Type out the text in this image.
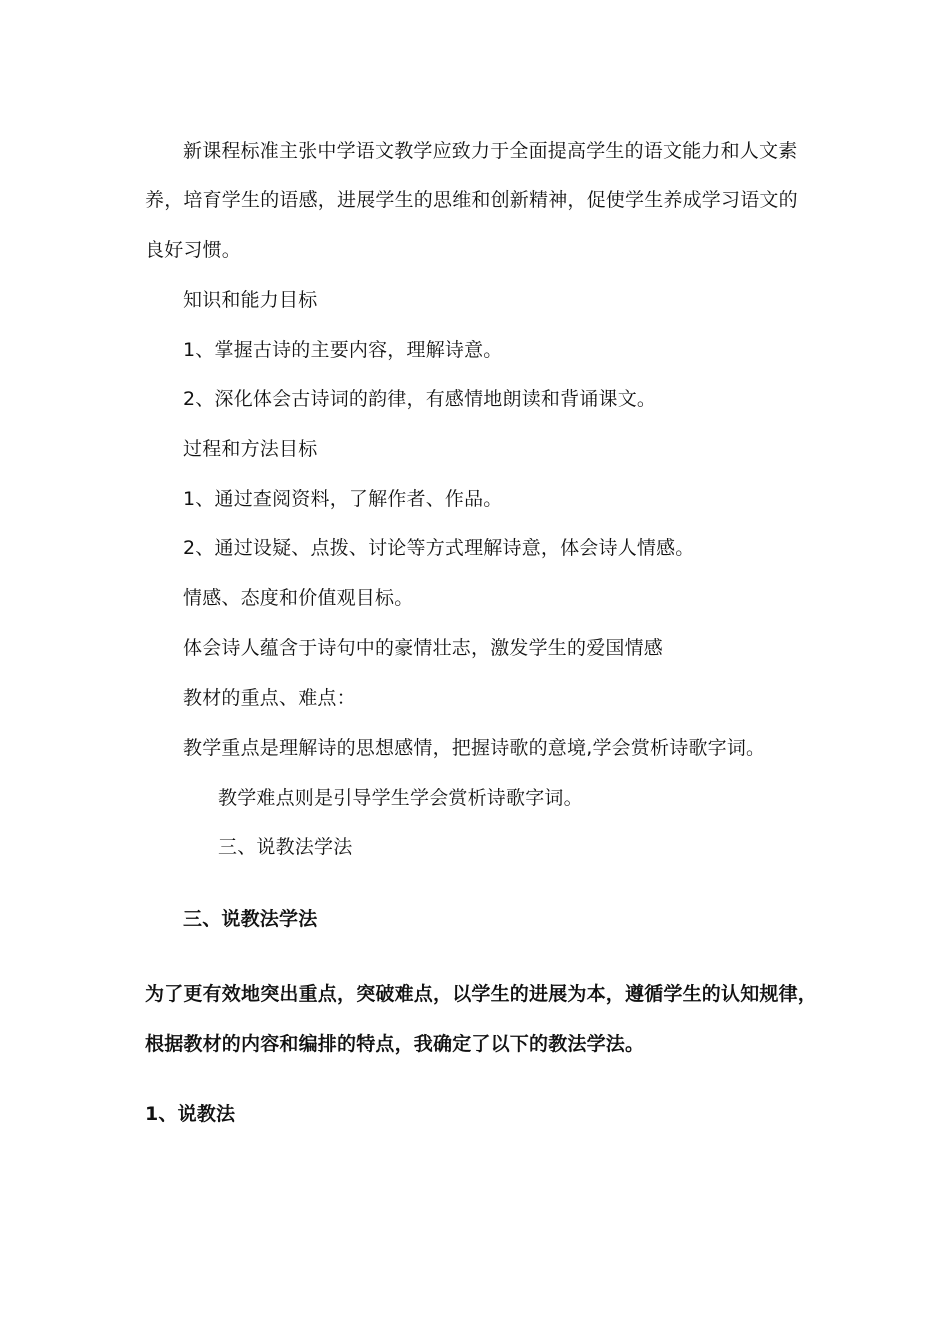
新课程标准主张中学语文教学应致力于全面提高学生的语文能力和人文素
养，培育学生的语感，进展学生的思维和创新精神，促使学生养成学习语文的
良好习惯。
知识和能力目标
1、掌握古诗的主要内容，理解诗意。
2、深化体会古诗词的韵律，有感情地朗读和背诵课文。
过程和方法目标
1、通过查阅资料，了解作者、作品。
2、通过设疑、点拨、讨论等方式理解诗意，体会诗人情感。
情感、态度和价值观目标。
体会诗人蕴含于诗句中的豪情壮志，激发学生的爱国情感
教材的重点、难点：
教学重点是理解诗的思想感情，把握诗歌的意境,学会赏析诗歌字词。
教学难点则是引导学生学会赏析诗歌字词。
三、说教法学法
三、说教法学法
为了更有效地突出重点，突破难点，以学生的进展为本，遵循学生的认知规律，
根据教材的内容和编排的特点，我确定了以下的教法学法。
1、说教法
